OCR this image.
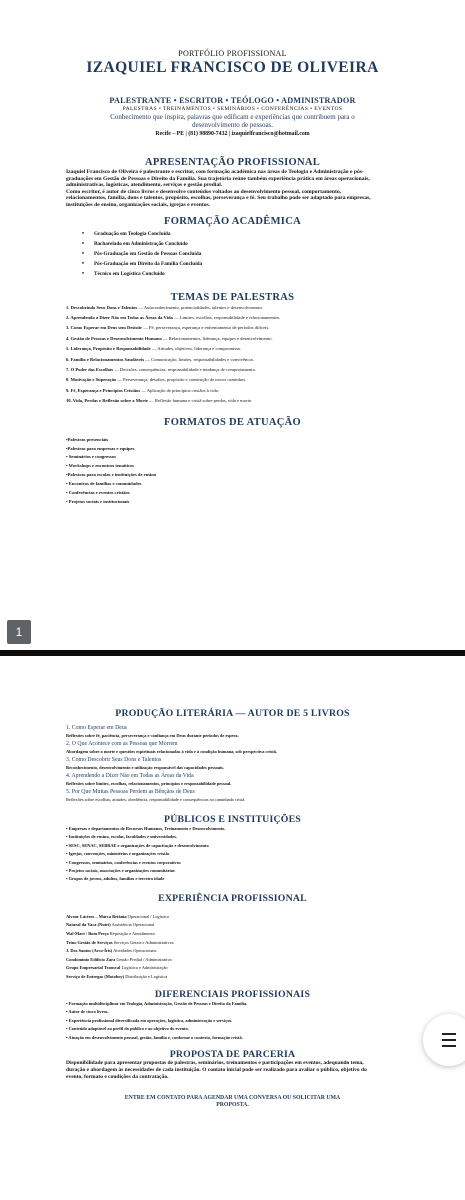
PORTFÓLIO PROFISSIONAL
IZAQUIEL FRANCISCO DE OLIVEIRA
PALESTRANTE • ESCRITOR • TEÓLOGO • ADMINISTRADOR
PALESTRAS • TREINAMENTOS • SEMINÁRIOS • CONFERÊNCIAS • EVENTOS
Conhecimento que inspira, palavras que edificam e experiências que contribuem para o desenvolvimento de pessoas.
Recife – PE | (81) 98890-7432 | izaquielfrancisco@hotmail.com
APRESENTAÇÃO PROFISSIONAL
Izaquiel Francisco de Oliveira é palestrante e escritor, com formação acadêmica nas áreas de Teologia e Administração e pós-graduações em Gestão de Pessoas e Direito da Família. Sua trajetória reúne também experiência prática em áreas operacionais, administrativas, logísticas, atendimento, serviços e gestão predial.
Como escritor, é autor de cinco livros e desenvolve conteúdos voltados ao desenvolvimento pessoal, comportamento, relacionamentos, família, dons e talentos, propósito, escolhas, perseverança e fé. Seu trabalho pode ser adaptado para empresas, instituições de ensino, organizações sociais, igrejas e eventos.
FORMAÇÃO ACADÊMICA
• Graduação em Teologia Concluída
• Bacharelado em Administração Concluído
• Pós-Graduação em Gestão de Pessoas Concluída
• Pós-Graduação em Direito da Família Concluída
• Técnico em Logística Concluído
TEMAS DE PALESTRAS
1. Descobrindo Seus Dons e Talentos — Autoconhecimento, potencialidades, talentos e desenvolvimento.
2. Aprendendo a Dizer Não em Todas as Áreas da Vida — Limites, escolhas, responsabilidade e relacionamentos.
3. Como Esperar em Deus sem Desistir — Fé, perseverança, esperança e enfrentamento de períodos difíceis.
4. Gestão de Pessoas e Desenvolvimento Humano — Relacionamentos, liderança, equipes e desenvolvimento.
5. Liderança, Propósito e Responsabilidade — Atitudes, objetivos, liderança e compromisso.
6. Família e Relacionamentos Saudáveis — Comunicação, limites, responsabilidades e convivência.
7. O Poder das Escolhas — Decisões, consequências, responsabilidade e mudança de comportamento.
8. Motivação e Superação — Perseverança, desafios, propósito e construção de novos caminhos.
9. Fé, Esperança e Princípios Cristãos — Aplicação de princípios cristãos à vida.
10. Vida, Perdas e Reflexão sobre a Morte — Reflexão humana e cristã sobre perdas, vida e morte.
FORMATOS DE ATUAÇÃO
•Palestras presenciais
•Palestras para empresas e equipes
• Seminários e congressos
• Workshops e encontros temáticos
•Palestras para escolas e instituições de ensino
• Encontros de famílias e comunidades
• Conferências e eventos cristãos
• Projetos sociais e institucionais
1
PRODUÇÃO LITERÁRIA — AUTOR DE 5 LIVROS
1. Como Esperar em Deus
Reflexões sobre fé, paciência, perseverança e confiança em Deus durante períodos de espera.
2. O Que Acontece com as Pessoas que Morrem
Abordagem sobre a morte e questões espirituais relacionadas à vida e à condição humana, sob perspectiva cristã.
3. Como Descobrir Seus Dons e Talentos
Reconhecimento, desenvolvimento e utilização responsável das capacidades pessoais.
4. Aprendendo a Dizer Não em Todas as Áreas da Vida
Reflexões sobre limites, escolhas, relacionamentos, princípios e responsabilidade pessoal.
5. Por Que Muitas Pessoas Perdem as Bênçãos de Deus
Reflexões sobre escolhas, atitudes, obediência, responsabilidade e consequências na caminhada cristã.
PÚBLICOS E INSTITUIÇÕES
• Empresas e departamentos de Recursos Humanos, Treinamento e Desenvolvimento.
• Instituições de ensino, escolas, faculdades e universidades.
• SESC, SENAC, SEBRAE e organizações de capacitação e desenvolvimento
• Igrejas, convenções, ministérios e organizações cristãs
• Congressos, seminários, conferências e eventos corporativos
• Projetos sociais, associações e organizações comunitárias
• Grupos de jovens, adultos, famílias e terceira idade
EXPERIÊNCIA PROFISSIONAL
Alvoar Lácteos – Marca Betânia Operacional / Logística
Natural da Vaca (Nutri) Assistência Operacional
Wal-Mart / Bom Preço Reposição e Atendimento
Trino Gestão de Serviços Serviços Gerais e Administrativos
J. Dos Santos (Arco-Íris) Atividades Operacionais
Condomínio Edifício Zara Gestão Predial / Administrativa
Grupo Empresarial Transval Logística e Administração
Serviço de Entregas (Motoboy) Distribuição e Logística
DIFERENCIAIS PROFISSIONAIS
• Formação multidisciplinar em Teologia, Administração, Gestão de Pessoas e Direito da Família.
• Autor de cinco livros.
• Experiência profissional diversificada em operações, logística, administração e serviços.
• Conteúdo adaptável ao perfil do público e ao objetivo do evento.
• Atuação em desenvolvimento pessoal, gestão, família e, conforme o contexto, formação cristã.
PROPOSTA DE PARCERIA
Disponibilidade para apresentar propostas de palestras, seminários, treinamentos e participações em eventos, adequando tema, duração e abordagem às necessidades de cada instituição. O contato inicial pode ser realizado para avaliar o público, objetivo do evento, formato e condições da contratação.
ENTRE EM CONTATO PARA AGENDAR UMA CONVERSA OU SOLICITAR UMA PROPOSTA.
